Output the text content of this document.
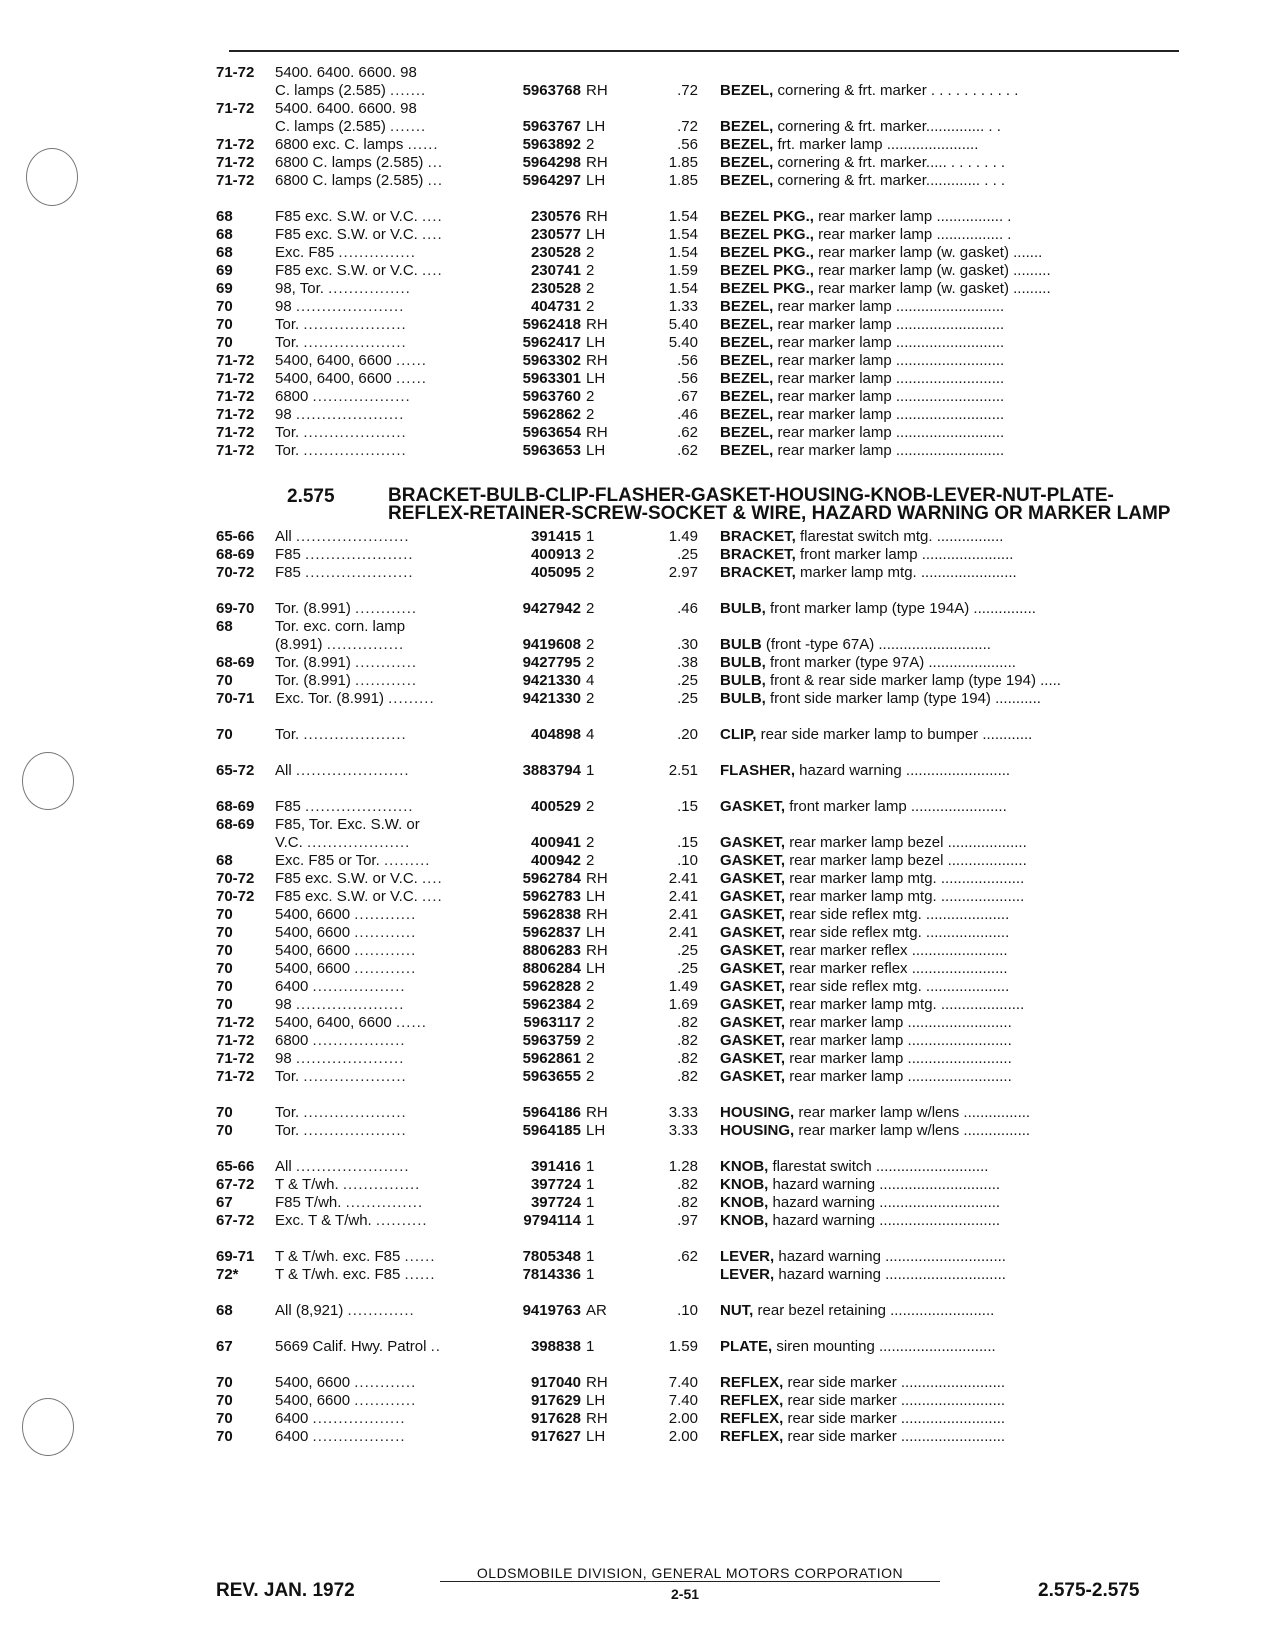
71-72	5400. 6400. 6600. 98
C. lamps (2.585) .......	5963768 RH	.72 BEZEL, cornering & frt. marker . . . . . . . . . . .
71-72	5400. 6400. 6600. 98
C. lamps (2.585) .......	5963767 LH	.72 BEZEL, cornering & frt. marker.............. . .
71-72	6800 exc. C. lamps ......	5963892 2	.56 BEZEL, frt. marker lamp ......................
71-72	6800 C. lamps (2.585) ...	5964298 RH	1.85 BEZEL, cornering & frt. marker..... . . . . . . .
71-72	6800 C. lamps (2.585) ...	5964297 LH	1.85 BEZEL, cornering & frt. marker............. . . .
68	F85 exc. S.W. or V.C. ....	230576 RH	1.54 BEZEL PKG., rear marker lamp ................ .
68	F85 exc. S.W. or V.C. ....	230577 LH	1.54 BEZEL PKG., rear marker lamp ................ .
68	Exc. F85 ...............	230528 2	1.54 BEZEL PKG., rear marker lamp (w. gasket) .......
69	F85 exc. S.W. or V.C. ....	230741 2	1.59 BEZEL PKG., rear marker lamp (w. gasket) .........
69	98, Tor. ................	230528 2	1.54 BEZEL PKG., rear marker lamp (w. gasket) .........
70	98 .....................	404731 2	1.33 BEZEL, rear marker lamp ..........................
70	Tor. ....................	5962418 RH	5.40 BEZEL, rear marker lamp ..........................
70	Tor. ....................	5962417 LH	5.40 BEZEL, rear marker lamp ..........................
71-72	5400, 6400, 6600 ......	5963302 RH	.56 BEZEL, rear marker lamp ..........................
71-72	5400, 6400, 6600 ......	5963301 LH	.56 BEZEL, rear marker lamp ..........................
71-72	6800 ...................	5963760 2	.67 BEZEL, rear marker lamp ..........................
71-72	98 .....................	5962862 2	.46 BEZEL, rear marker lamp ..........................
71-72	Tor. ....................	5963654 RH	.62 BEZEL, rear marker lamp ..........................
71-72	Tor. ....................	5963653 LH	.62 BEZEL, rear marker lamp ..........................
65-66	All ......................	391415 1	1.49 BRACKET, flarestat switch mtg. ................
68-69	F85 .....................	400913 2	.25 BRACKET, front marker lamp ......................
70-72	F85 .....................	405095 2	2.97 BRACKET, marker lamp mtg. .......................
69-70	Tor. (8.991) ............	9427942 2	.46 BULB, front marker lamp (type 194A) ...............
68	Tor. exc. corn. lamp
(8.991) ...............	9419608 2	.30 BULB (front -type 67A) ...........................
68-69	Tor. (8.991) ............	9427795 2	.38 BULB, front marker (type 97A) .....................
70	Tor. (8.991) ............	9421330 4	.25 BULB, front & rear side marker lamp (type 194) .....
70-71	Exc. Tor. (8.991) .........	9421330 2	.25 BULB, front side marker lamp (type 194) ...........
70	Tor. ....................	404898 4	.20 CLIP, rear side marker lamp to bumper ............
65-72	All ......................	3883794 1	2.51 FLASHER, hazard warning .........................
68-69	F85 .....................	400529 2	.15 GASKET, front marker lamp .......................
68-69	F85, Tor. Exc. S.W. or
V.C. ....................	400941 2	.15 GASKET, rear marker lamp bezel ...................
68	Exc. F85 or Tor. .........	400942 2	.10 GASKET, rear marker lamp bezel ...................
70-72	F85 exc. S.W. or V.C. ....	5962784 RH	2.41 GASKET, rear marker lamp mtg. ....................
70-72	F85 exc. S.W. or V.C. ....	5962783 LH	2.41 GASKET, rear marker lamp mtg. ....................
70	5400, 6600 ............	5962838 RH	2.41 GASKET, rear side reflex mtg. ....................
70	5400, 6600 ............	5962837 LH	2.41 GASKET, rear side reflex mtg. ....................
70	5400, 6600 ............	8806283 RH	.25 GASKET, rear marker reflex .......................
70	5400, 6600 ............	8806284 LH	.25 GASKET, rear marker reflex .......................
70	6400 ..................	5962828 2	1.49 GASKET, rear side reflex mtg. ....................
70	98 .....................	5962384 2	1.69 GASKET, rear marker lamp mtg. ....................
71-72	5400, 6400, 6600 ......	5963117 2	.82 GASKET, rear marker lamp .........................
71-72	6800 ..................	5963759 2	.82 GASKET, rear marker lamp .........................
71-72	98 .....................	5962861 2	.82 GASKET, rear marker lamp .........................
71-72	Tor. ....................	5963655 2	.82 GASKET, rear marker lamp .........................
70	Tor. ....................	5964186 RH	3.33 HOUSING, rear marker lamp w/lens ................
70	Tor. ....................	5964185 LH	3.33 HOUSING, rear marker lamp w/lens ................
65-66	All ......................	391416 1	1.28 KNOB, flarestat switch ...........................
67-72	T & T/wh. ...............	397724 1	.82 KNOB, hazard warning .............................
67	F85 T/wh. ...............	397724 1	.82 KNOB, hazard warning .............................
67-72	Exc. T & T/wh. ..........	9794114 1	.97 KNOB, hazard warning .............................
69-71	T & T/wh. exc. F85 ......	7805348 1	.62 LEVER, hazard warning .............................
72*	T & T/wh. exc. F85 ......	7814336 1	LEVER, hazard warning .............................
68	All (8,921) .............	9419763 AR	.10 NUT, rear bezel retaining .........................
67	5669 Calif. Hwy. Patrol ..	398838 1	1.59 PLATE, siren mounting ............................
70	5400, 6600 ............	917040 RH	7.40 REFLEX, rear side marker .........................
70	5400, 6600 ............	917629 LH	7.40 REFLEX, rear side marker .........................
70	6400 ..................	917628 RH	2.00 REFLEX, rear side marker .........................
70	6400 ..................	917627 LH	2.00 REFLEX, rear side marker .........................
2.575	BRACKET-BULB-CLIP-FLASHER-GASKET-HOUSING-KNOB-LEVER-NUT-PLATE-REFLEX-RETAINER-SCREW-SOCKET & WIRE, HAZARD WARNING OR MARKER LAMP
OLDSMOBILE DIVISION, GENERAL MOTORS CORPORATION
REV. JAN. 1972	2-51	2.575-2.575
